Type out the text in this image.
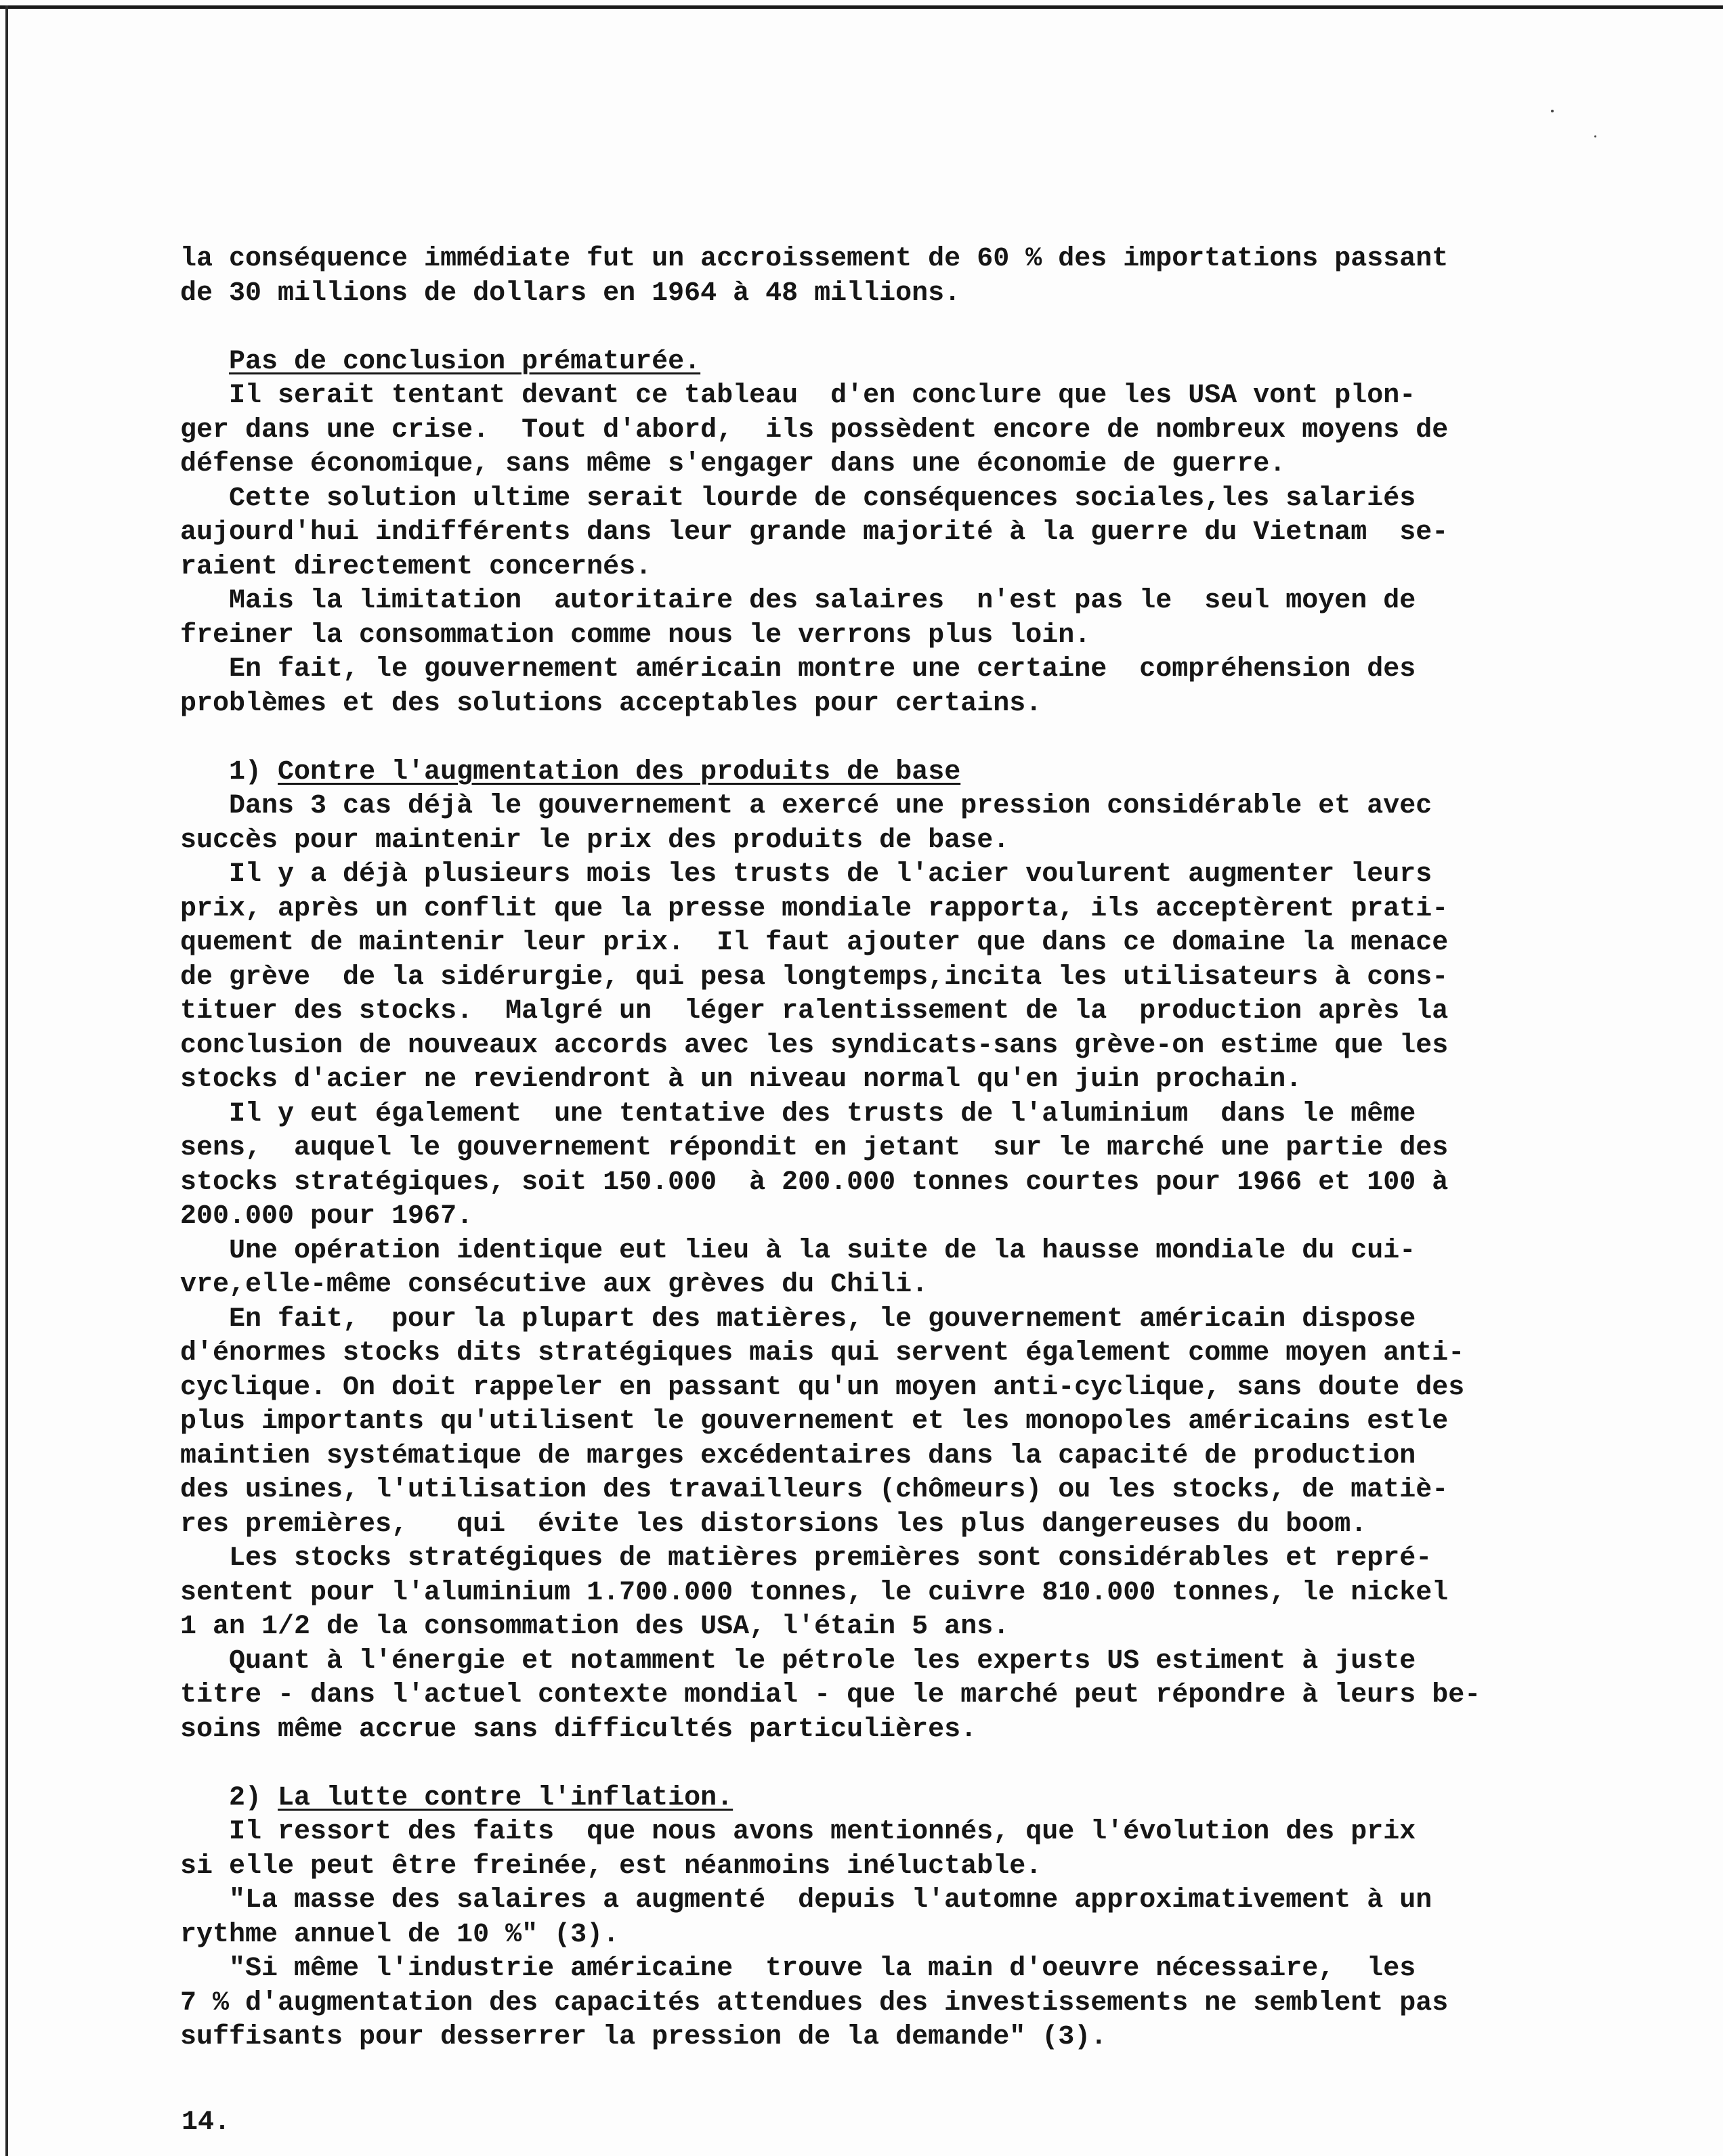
la conséquence immédiate fut un accroissement de 60 % des importations passant
de 30 millions de dollars en 1964 à 48 millions.
Pas de conclusion prématurée.
Il serait tentant devant ce tableau  d'en conclure que les USA vont plon-
ger dans une crise.  Tout d'abord,  ils possèdent encore de nombreux moyens de
défense économique, sans même s'engager dans une économie de guerre.
Cette solution ultime serait lourde de conséquences sociales,les salariés
aujourd'hui indifférents dans leur grande majorité à la guerre du Vietnam  se-
raient directement concernés.
Mais la limitation  autoritaire des salaires  n'est pas le  seul moyen de
freiner la consommation comme nous le verrons plus loin.
En fait, le gouvernement américain montre une certaine  compréhension des
problèmes et des solutions acceptables pour certains.
1) Contre l'augmentation des produits de base
Dans 3 cas déjà le gouvernement a exercé une pression considérable et avec
succès pour maintenir le prix des produits de base.
Il y a déjà plusieurs mois les trusts de l'acier voulurent augmenter leurs
prix, après un conflit que la presse mondiale rapporta, ils acceptèrent prati-
quement de maintenir leur prix.  Il faut ajouter que dans ce domaine la menace
de grève  de la sidérurgie, qui pesa longtemps,incita les utilisateurs à cons-
tituer des stocks.  Malgré un  léger ralentissement de la  production après la
conclusion de nouveaux accords avec les syndicats-sans grève-on estime que les
stocks d'acier ne reviendront à un niveau normal qu'en juin prochain.
Il y eut également  une tentative des trusts de l'aluminium  dans le même
sens,  auquel le gouvernement répondit en jetant  sur le marché une partie des
stocks stratégiques, soit 150.000  à 200.000 tonnes courtes pour 1966 et 100 à
200.000 pour 1967.
Une opération identique eut lieu à la suite de la hausse mondiale du cui-
vre,elle-même consécutive aux grèves du Chili.
En fait,  pour la plupart des matières, le gouvernement américain dispose
d'énormes stocks dits stratégiques mais qui servent également comme moyen anti-
cyclique. On doit rappeler en passant qu'un moyen anti-cyclique, sans doute des
plus importants qu'utilisent le gouvernement et les monopoles américains estle
maintien systématique de marges excédentaires dans la capacité de production
des usines, l'utilisation des travailleurs (chômeurs) ou les stocks, de matiè-
res premières,   qui  évite les distorsions les plus dangereuses du boom.
Les stocks stratégiques de matières premières sont considérables et repré-
sentent pour l'aluminium 1.700.000 tonnes, le cuivre 810.000 tonnes, le nickel
1 an 1/2 de la consommation des USA, l'étain 5 ans.
Quant à l'énergie et notamment le pétrole les experts US estiment à juste
titre - dans l'actuel contexte mondial - que le marché peut répondre à leurs be-
soins même accrue sans difficultés particulières.
2) La lutte contre l'inflation.
Il ressort des faits  que nous avons mentionnés, que l'évolution des prix
si elle peut être freinée, est néanmoins inéluctable.
"La masse des salaires a augmenté  depuis l'automne approximativement à un
rythme annuel de 10 %" (3).
"Si même l'industrie américaine  trouve la main d'oeuvre nécessaire,  les
7 % d'augmentation des capacités attendues des investissements ne semblent pas
suffisants pour desserrer la pression de la demande" (3).
14.
